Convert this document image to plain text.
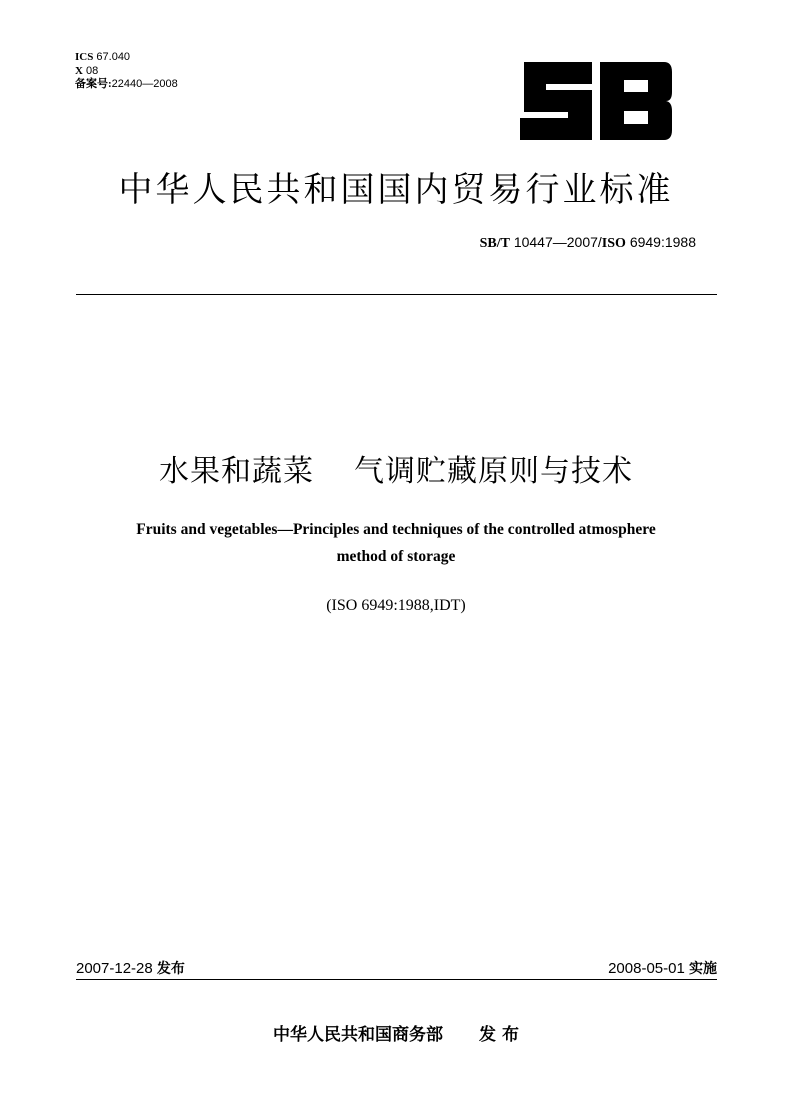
ICS 67.040
X 08
备案号:22440—2008
中华人民共和国国内贸易行业标准
SB/T 10447—2007/ISO 6949:1988
水果和蔬菜 气调贮藏原则与技术
Fruits and vegetables—Principles and techniques of the controlled atmosphere
method of storage
(ISO 6949:1988,IDT)
2007-12-28 发布	2008-05-01 实施
中华人民共和国商务部 发 布
